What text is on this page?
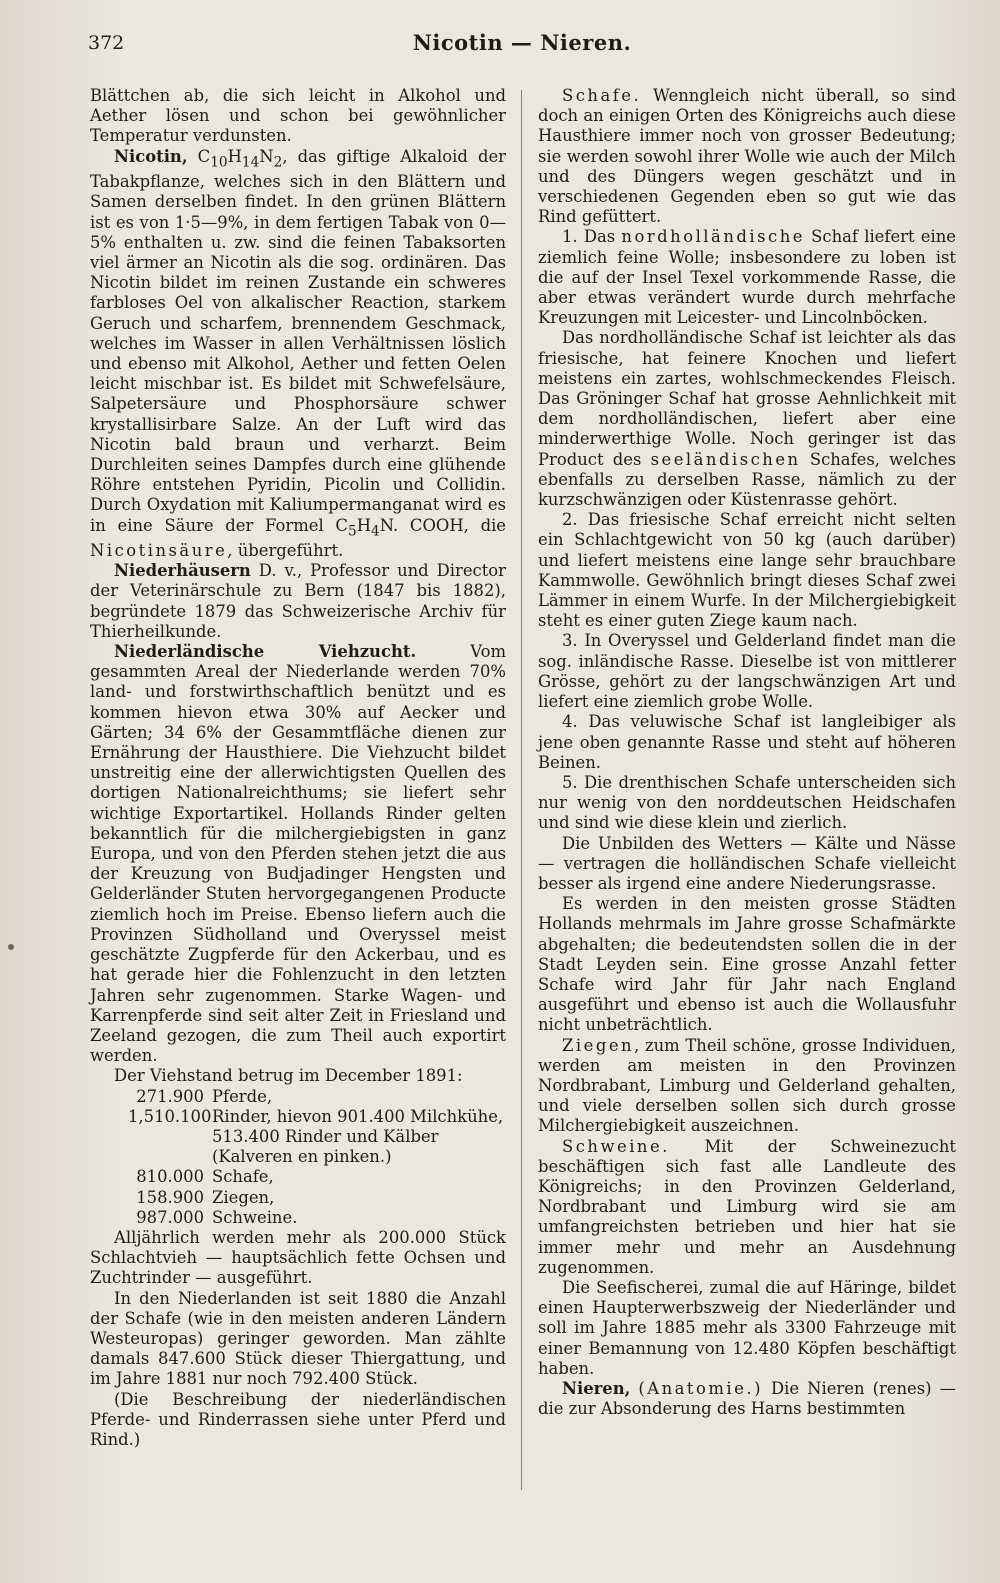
372	Nicotin — Nieren.

Blättchen ab, die sich leicht in Alkohol und Aether lösen und schon bei gewöhnlicher Temperatur verdunsten.

Nicotin, $C_{10}H_{14}N_2$, das giftige Alkaloid der Tabakpflanze, welches sich in den Blättern und Samen derselben findet. In den grünen Blättern ist es von 1·5—9%, in dem fertigen Tabak von 0—5% enthalten u. zw. sind die feinen Tabaksorten viel ärmer an Nicotin als die sog. ordinären. Das Nicotin bildet im reinen Zustande ein schweres farbloses Oel von alkalischer Reaction, starkem Geruch und scharfem, brennendem Geschmack, welches im Wasser in allen Verhältnissen löslich und ebenso mit Alkohol, Aether und fetten Oelen leicht mischbar ist. Es bildet mit Schwefelsäure, Salpetersäure und Phosphorsäure schwer krystallisirbare Salze. An der Luft wird das Nicotin bald braun und verharzt. Beim Durchleiten seines Dampfes durch eine glühende Röhre entstehen Pyridin, Picolin und Collidin. Durch Oxydation mit Kaliumpermanganat wird es in eine Säure der Formel $C_5H_4N$. COOH, die Nicotinsäure, übergeführt.

Niederhäusern D. v., Professor und Director der Veterinärschule zu Bern (1847 bis 1882), begründete 1879 das Schweizerische Archiv für Thierheilkunde.

Niederländische Viehzucht. Vom gesammten Areal der Niederlande werden 70% land- und forstwirthschaftlich benützt und es kommen hievon etwa 30% auf Aecker und Gärten; 34 6% der Gesammtfläche dienen zur Ernährung der Hausthiere. Die Viehzucht bildet unstreitig eine der allerwichtigsten Quellen des dortigen Nationalreichthums; sie liefert sehr wichtige Exportartikel. Hollands Rinder gelten bekanntlich für die milchergiebigsten in ganz Europa, und von den Pferden stehen jetzt die aus der Kreuzung von Budjadinger Hengsten und Gelderländer Stuten hervorgegangenen Producte ziemlich hoch im Preise. Ebenso liefern auch die Provinzen Südholland und Overyssel meist geschätzte Zugpferde für den Ackerbau, und es hat gerade hier die Fohlenzucht in den letzten Jahren sehr zugenommen. Starke Wagen- und Karrenpferde sind seit alter Zeit in Friesland und Zeeland gezogen, die zum Theil auch exportirt werden.

Der Viehstand betrug im December 1891:

271.900 Pferde,
1,510.100 Rinder, hievon 901.400 Milchkühe, 513.400 Rinder und Kälber
(Kalveren en pinken.)
810.000 Schafe,
158.900 Ziegen,
987.000 Schweine.

Alljährlich werden mehr als 200.000 Stück Schlachtvieh — hauptsächlich fette Ochsen und Zuchtrinder — ausgeführt.

In den Niederlanden ist seit 1880 die Anzahl der Schafe (wie in den meisten anderen Ländern Westeuropas) geringer geworden. Man zählte damals 847.600 Stück dieser Thiergattung, und im Jahre 1881 nur noch 792.400 Stück.

(Die Beschreibung der niederländischen Pferde- und Rinderrassen siehe unter Pferd und Rind.)

Schafe. Wenngleich nicht überall, so sind doch an einigen Orten des Königreichs auch diese Hausthiere immer noch von grosser Bedeutung; sie werden sowohl ihrer Wolle wie auch der Milch und des Düngers wegen geschätzt und in verschiedenen Gegenden eben so gut wie das Rind gefüttert.

1. Das nordholländische Schaf liefert eine ziemlich feine Wolle; insbesondere zu loben ist die auf der Insel Texel vorkommende Rasse, die aber etwas verändert wurde durch mehrfache Kreuzungen mit Leicester- und Lincolnböcken.

Das nordholländische Schaf ist leichter als das friesische, hat feinere Knochen und liefert meistens ein zartes, wohlschmeckendes Fleisch. Das Gröninger Schaf hat grosse Aehnlichkeit mit dem nordholländischen, liefert aber eine minderwerthige Wolle. Noch geringer ist das Product des seeländischen Schafes, welches ebenfalls zu derselben Rasse, nämlich zu der kurzschwänzigen oder Küstenrasse gehört.

2. Das friesische Schaf erreicht nicht selten ein Schlachtgewicht von 50 kg (auch darüber) und liefert meistens eine lange sehr brauchbare Kammwolle. Gewöhnlich bringt dieses Schaf zwei Lämmer in einem Wurfe. In der Milchergiebigkeit steht es einer guten Ziege kaum nach.

3. In Overyssel und Gelderland findet man die sog. inländische Rasse. Dieselbe ist von mittlerer Grösse, gehört zu der langschwänzigen Art und liefert eine ziemlich grobe Wolle.

4. Das veluwische Schaf ist langleibiger als jene oben genannte Rasse und steht auf höheren Beinen.

5. Die drenthischen Schafe unterscheiden sich nur wenig von den norddeutschen Heidschafen und sind wie diese klein und zierlich.

Die Unbilden des Wetters — Kälte und Nässe — vertragen die holländischen Schafe vielleicht besser als irgend eine andere Niederungsrasse.

Es werden in den meisten grosse Städten Hollands mehrmals im Jahre grosse Schafmärkte abgehalten; die bedeutendsten sollen die in der Stadt Leyden sein. Eine grosse Anzahl fetter Schafe wird Jahr für Jahr nach England ausgeführt und ebenso ist auch die Wollausfuhr nicht unbeträchtlich.

Ziegen, zum Theil schöne, grosse Individuen, werden am meisten in den Provinzen Nordbrabant, Limburg und Gelderland gehalten, und viele derselben sollen sich durch grosse Milchergiebigkeit auszeichnen.

Schweine. Mit der Schweinezucht beschäftigen sich fast alle Landleute des Königreichs; in den Provinzen Gelderland, Nordbrabant und Limburg wird sie am umfangreichsten betrieben und hier hat sie immer mehr und mehr an Ausdehnung zugenommen.

Die Seefischerei, zumal die auf Häringe, bildet einen Haupterwerbszweig der Niederländer und soll im Jahre 1885 mehr als 3300 Fahrzeuge mit einer Bemannung von 12.480 Köpfen beschäftigt haben.

Nieren, (Anatomie.) Die Nieren (renes) — die zur Absonderung des Harns bestimmten
